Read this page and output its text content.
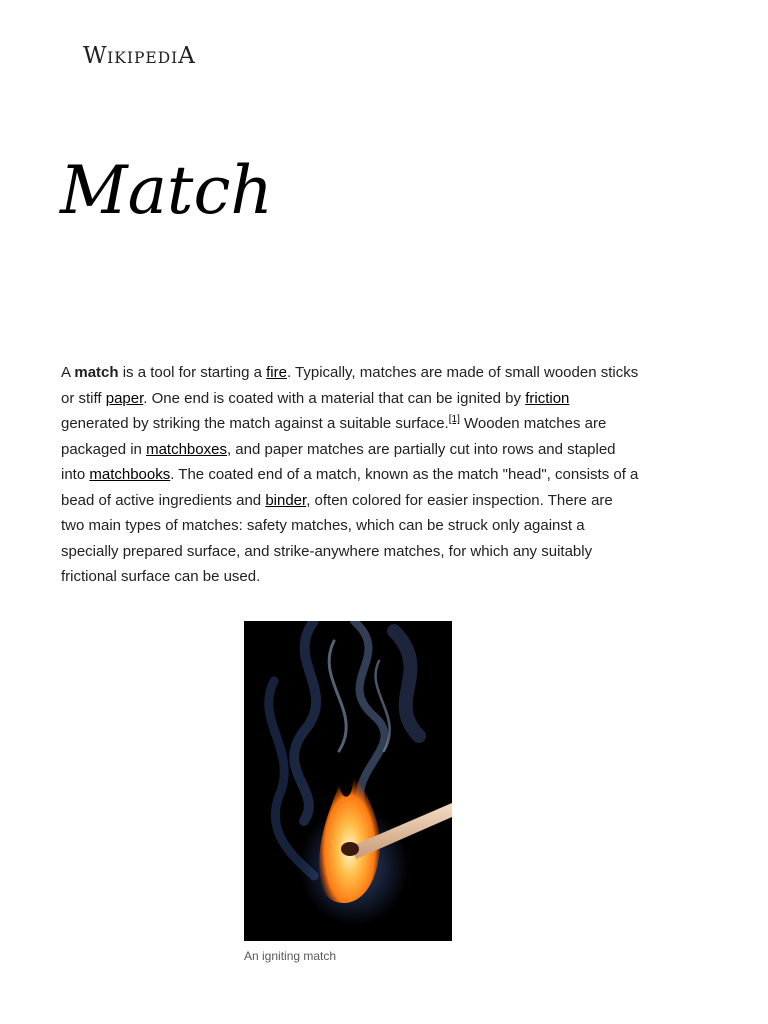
WIKIPEDIA
Match

A match is a tool for starting a fire. Typically, matches are made of small wooden sticks or stiff paper. One end is coated with a material that can be ignited by friction generated by striking the match against a suitable surface.[1] Wooden matches are packaged in matchboxes, and paper matches are partially cut into rows and stapled into matchbooks. The coated end of a match, known as the match "head", consists of a bead of active ingredients and binder, often colored for easier inspection. There are two main types of matches: safety matches, which can be struck only against a specially prepared surface, and strike-anywhere matches, for which any suitably frictional surface can be used.

An igniting match
